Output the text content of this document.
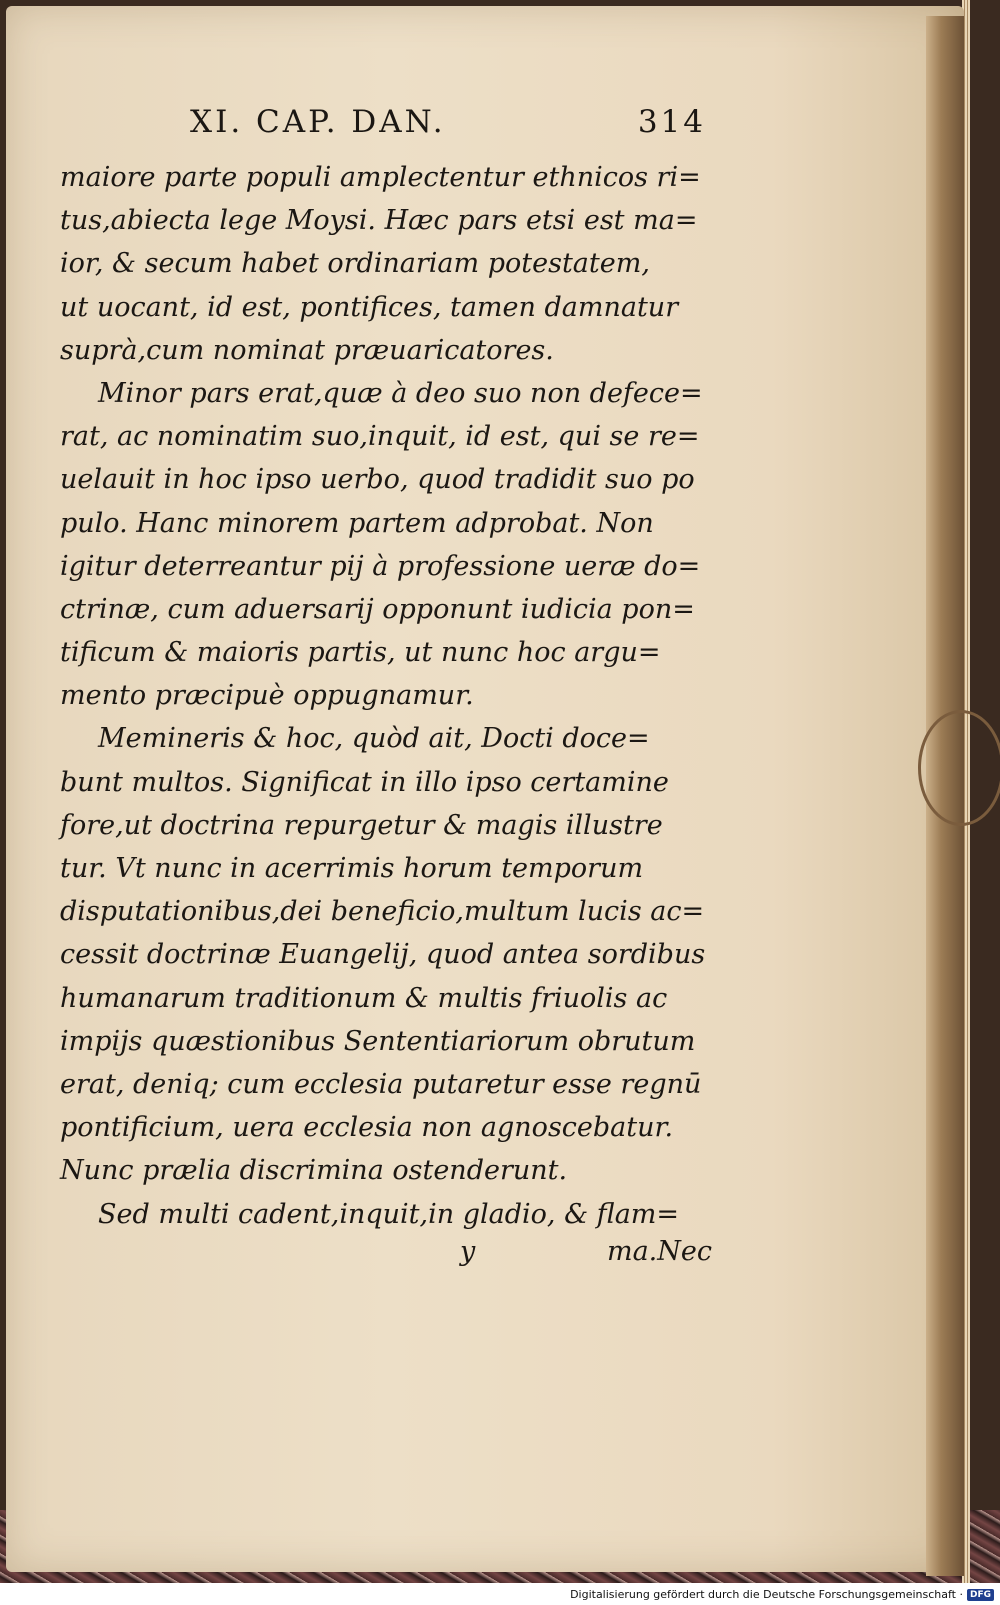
XI. CAP. DAN.	314
maiore parte populi amplectentur ethnicos ri=
tus,abiecta lege Moysi. Hæc pars etsi est ma=
ior, & secum habet ordinariam potestatem,
ut uocant, id est, pontifices, tamen damnatur
suprà,cum nominat præuaricatores.
Minor pars erat,quæ à deo suo non defece=
rat, ac nominatim suo,inquit, id est, qui se re=
uelauit in hoc ipso uerbo, quod tradidit suo po
pulo. Hanc minorem partem adprobat. Non
igitur deterreantur pij à professione ueræ do=
ctrinæ, cum aduersarij opponunt iudicia pon=
tificum & maioris partis, ut nunc hoc argu=
mento præcipuè oppugnamur.
Memineris & hoc, quòd ait, Docti doce=
bunt multos. Significat in illo ipso certamine
fore,ut doctrina repurgetur & magis illustre
tur. Vt nunc in acerrimis horum temporum
disputationibus,dei beneficio,multum lucis ac=
cessit doctrinæ Euangelij, quod antea sordibus
humanarum traditionum & multis friuolis ac
impijs quæstionibus Sententiariorum obrutum
erat, deniq; cum ecclesia putaretur esse regnū
pontificium, uera ecclesia non agnoscebatur.
Nunc prælia discrimina ostenderunt.
Sed multi cadent,inquit,in gladio, & flam=
y	ma.Nec
Digitalisierung gefördert durch die Deutsche Forschungsgemeinschaft · DFG
